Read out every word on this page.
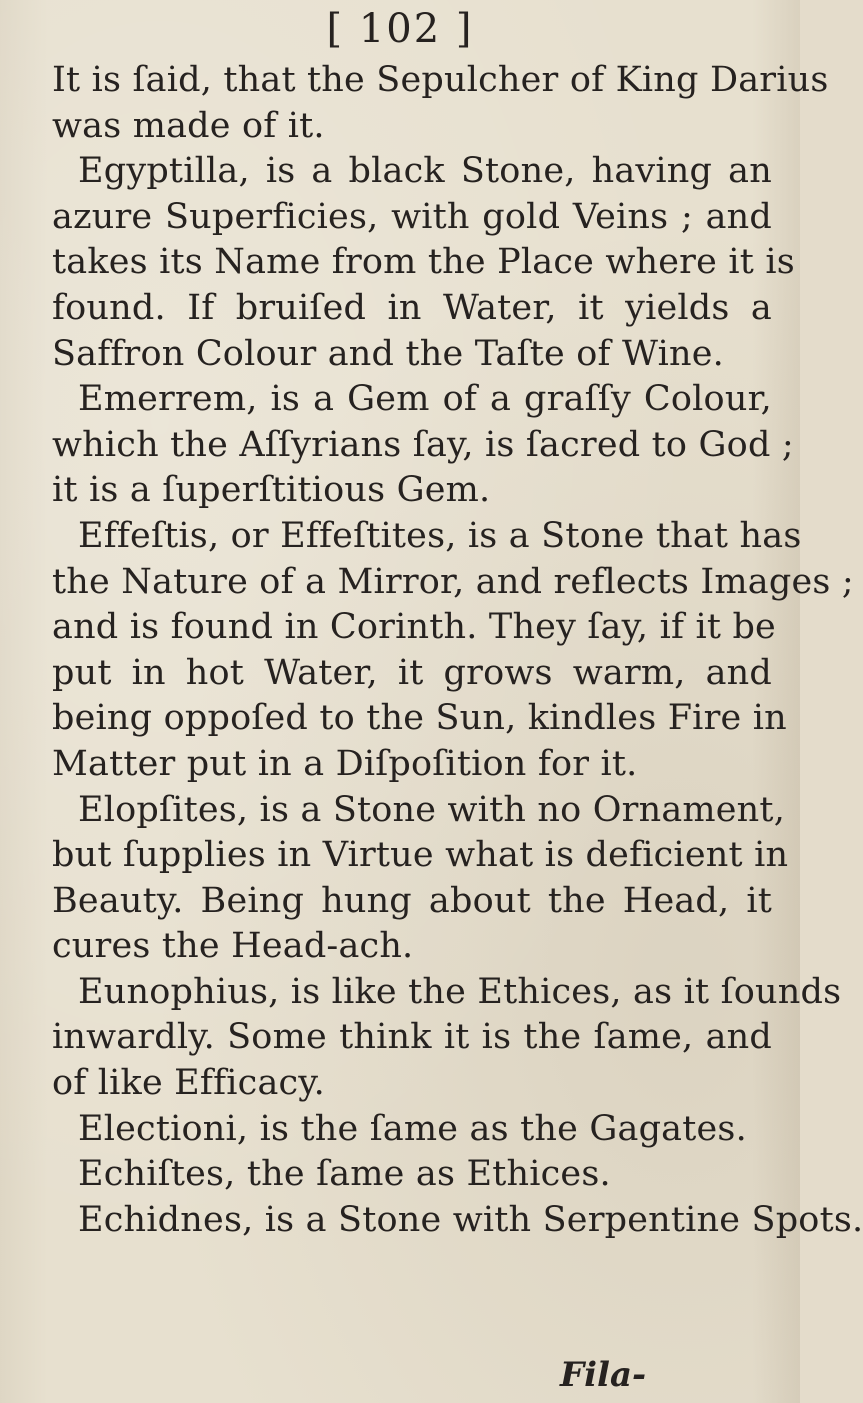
[ 102 ]
It is ſaid, that the Sepulcher of King Darius
was made of it.
Egyptilla, is a black Stone, having an
azure Superficies, with gold Veins ; and
takes its Name from the Place where it is
found. If bruiſed in Water, it yields a
Saffron Colour and the Taſte of Wine.
Emerrem, is a Gem of a graſſy Colour,
which the Aſſyrians ſay, is ſacred to God ;
it is a ſuperſtitious Gem.
Effeſtis, or Effeſtites, is a Stone that has
the Nature of a Mirror, and reflects Images ;
and is found in Corinth. They ſay, if it be
put in hot Water, it grows warm, and
being oppoſed to the Sun, kindles Fire in
Matter put in a Diſpoſition for it.
Elopſites, is a Stone with no Ornament,
but ſupplies in Virtue what is deficient in
Beauty. Being hung about the Head, it
cures the Head-ach.
Eunophius, is like the Ethices, as it ſounds
inwardly. Some think it is the ſame, and
of like Efficacy.
Electioni, is the ſame as the Gagates.
Echiſtes, the ſame as Ethices.
Echidnes, is a Stone with Serpentine Spots.
Fila-
